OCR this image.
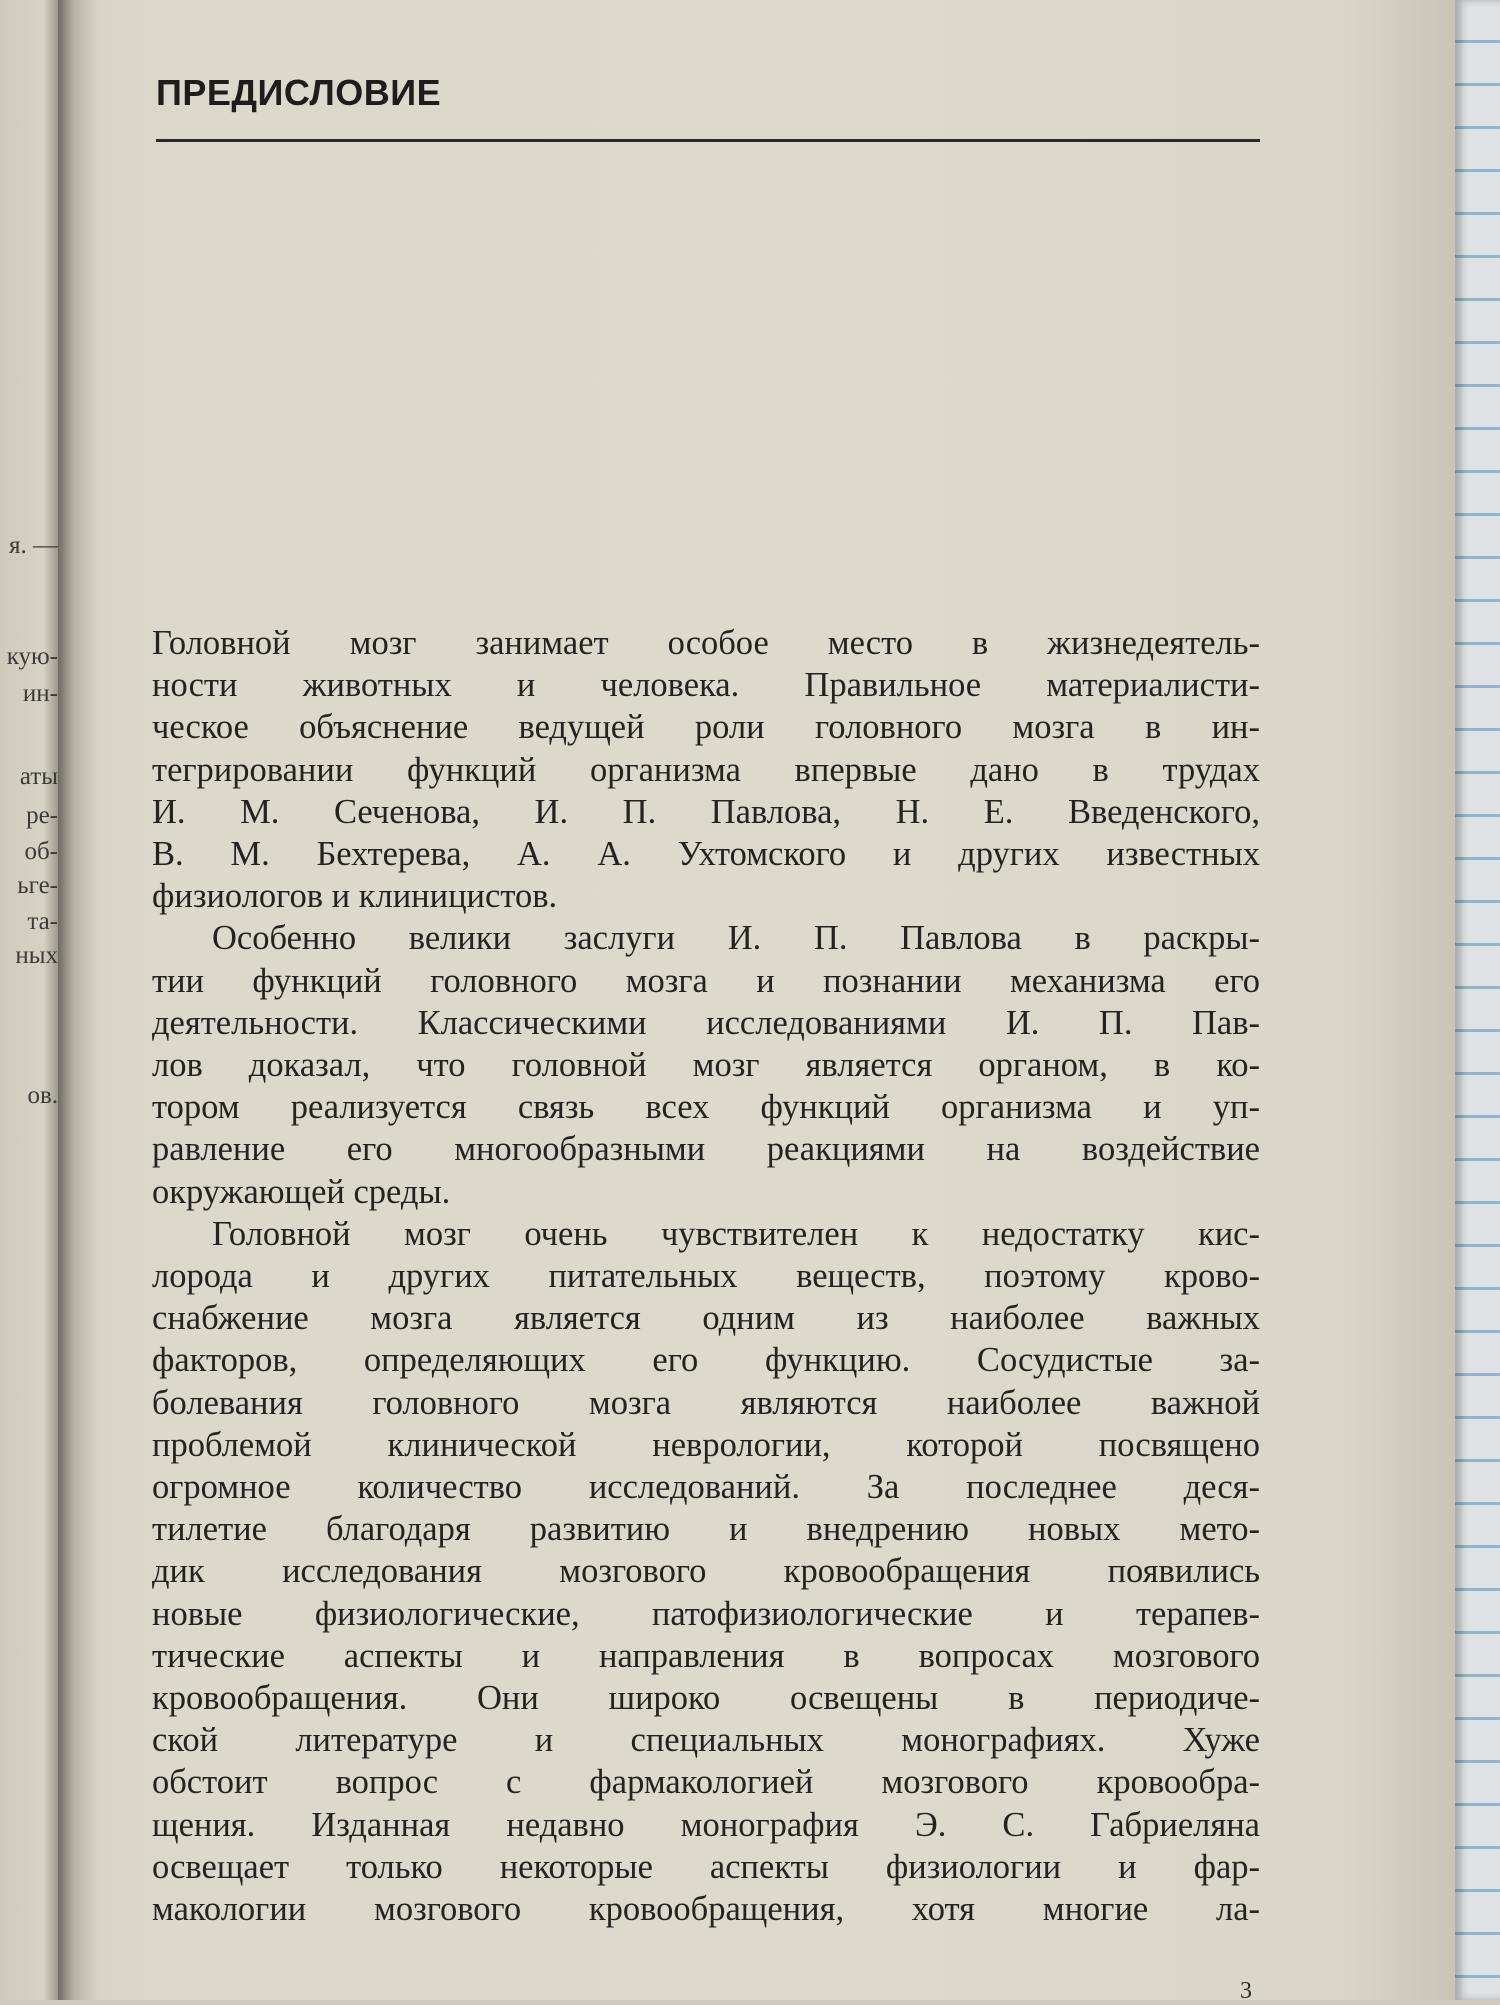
я. —
кую-
ин-
аты
ре-
об-
ьге-
та-
ных
ов.
ПРЕДИСЛОВИЕ
Головной мозг занимает особое место в жизнедеятель-
ности животных и человека. Правильное материалисти-
ческое объяснение ведущей роли головного мозга в ин-
тегрировании функций организма впервые дано в трудах
И. М. Сеченова, И. П. Павлова, Н. Е. Введенского,
В. М. Бехтерева, А. А. Ухтомского и других известных
физиологов и клиницистов.
Особенно велики заслуги И. П. Павлова в раскры-
тии функций головного мозга и познании механизма его
деятельности. Классическими исследованиями И. П. Пав-
лов доказал, что головной мозг является органом, в ко-
тором реализуется связь всех функций организма и уп-
равление его многообразными реакциями на воздействие
окружающей среды.
Головной мозг очень чувствителен к недостатку кис-
лорода и других питательных веществ, поэтому крово-
снабжение мозга является одним из наиболее важных
факторов, определяющих его функцию. Сосудистые за-
болевания головного мозга являются наиболее важной
проблемой клинической неврологии, которой посвящено
огромное количество исследований. За последнее деся-
тилетие благодаря развитию и внедрению новых мето-
дик исследования мозгового кровообращения появились
новые физиологические, патофизиологические и терапев-
тические аспекты и направления в вопросах мозгового
кровообращения. Они широко освещены в периодиче-
ской литературе и специальных монографиях. Хуже
обстоит вопрос с фармакологией мозгового кровообра-
щения. Изданная недавно монография Э. С. Габриеляна
освещает только некоторые аспекты физиологии и фар-
макологии мозгового кровообращения, хотя многие ла-
3
